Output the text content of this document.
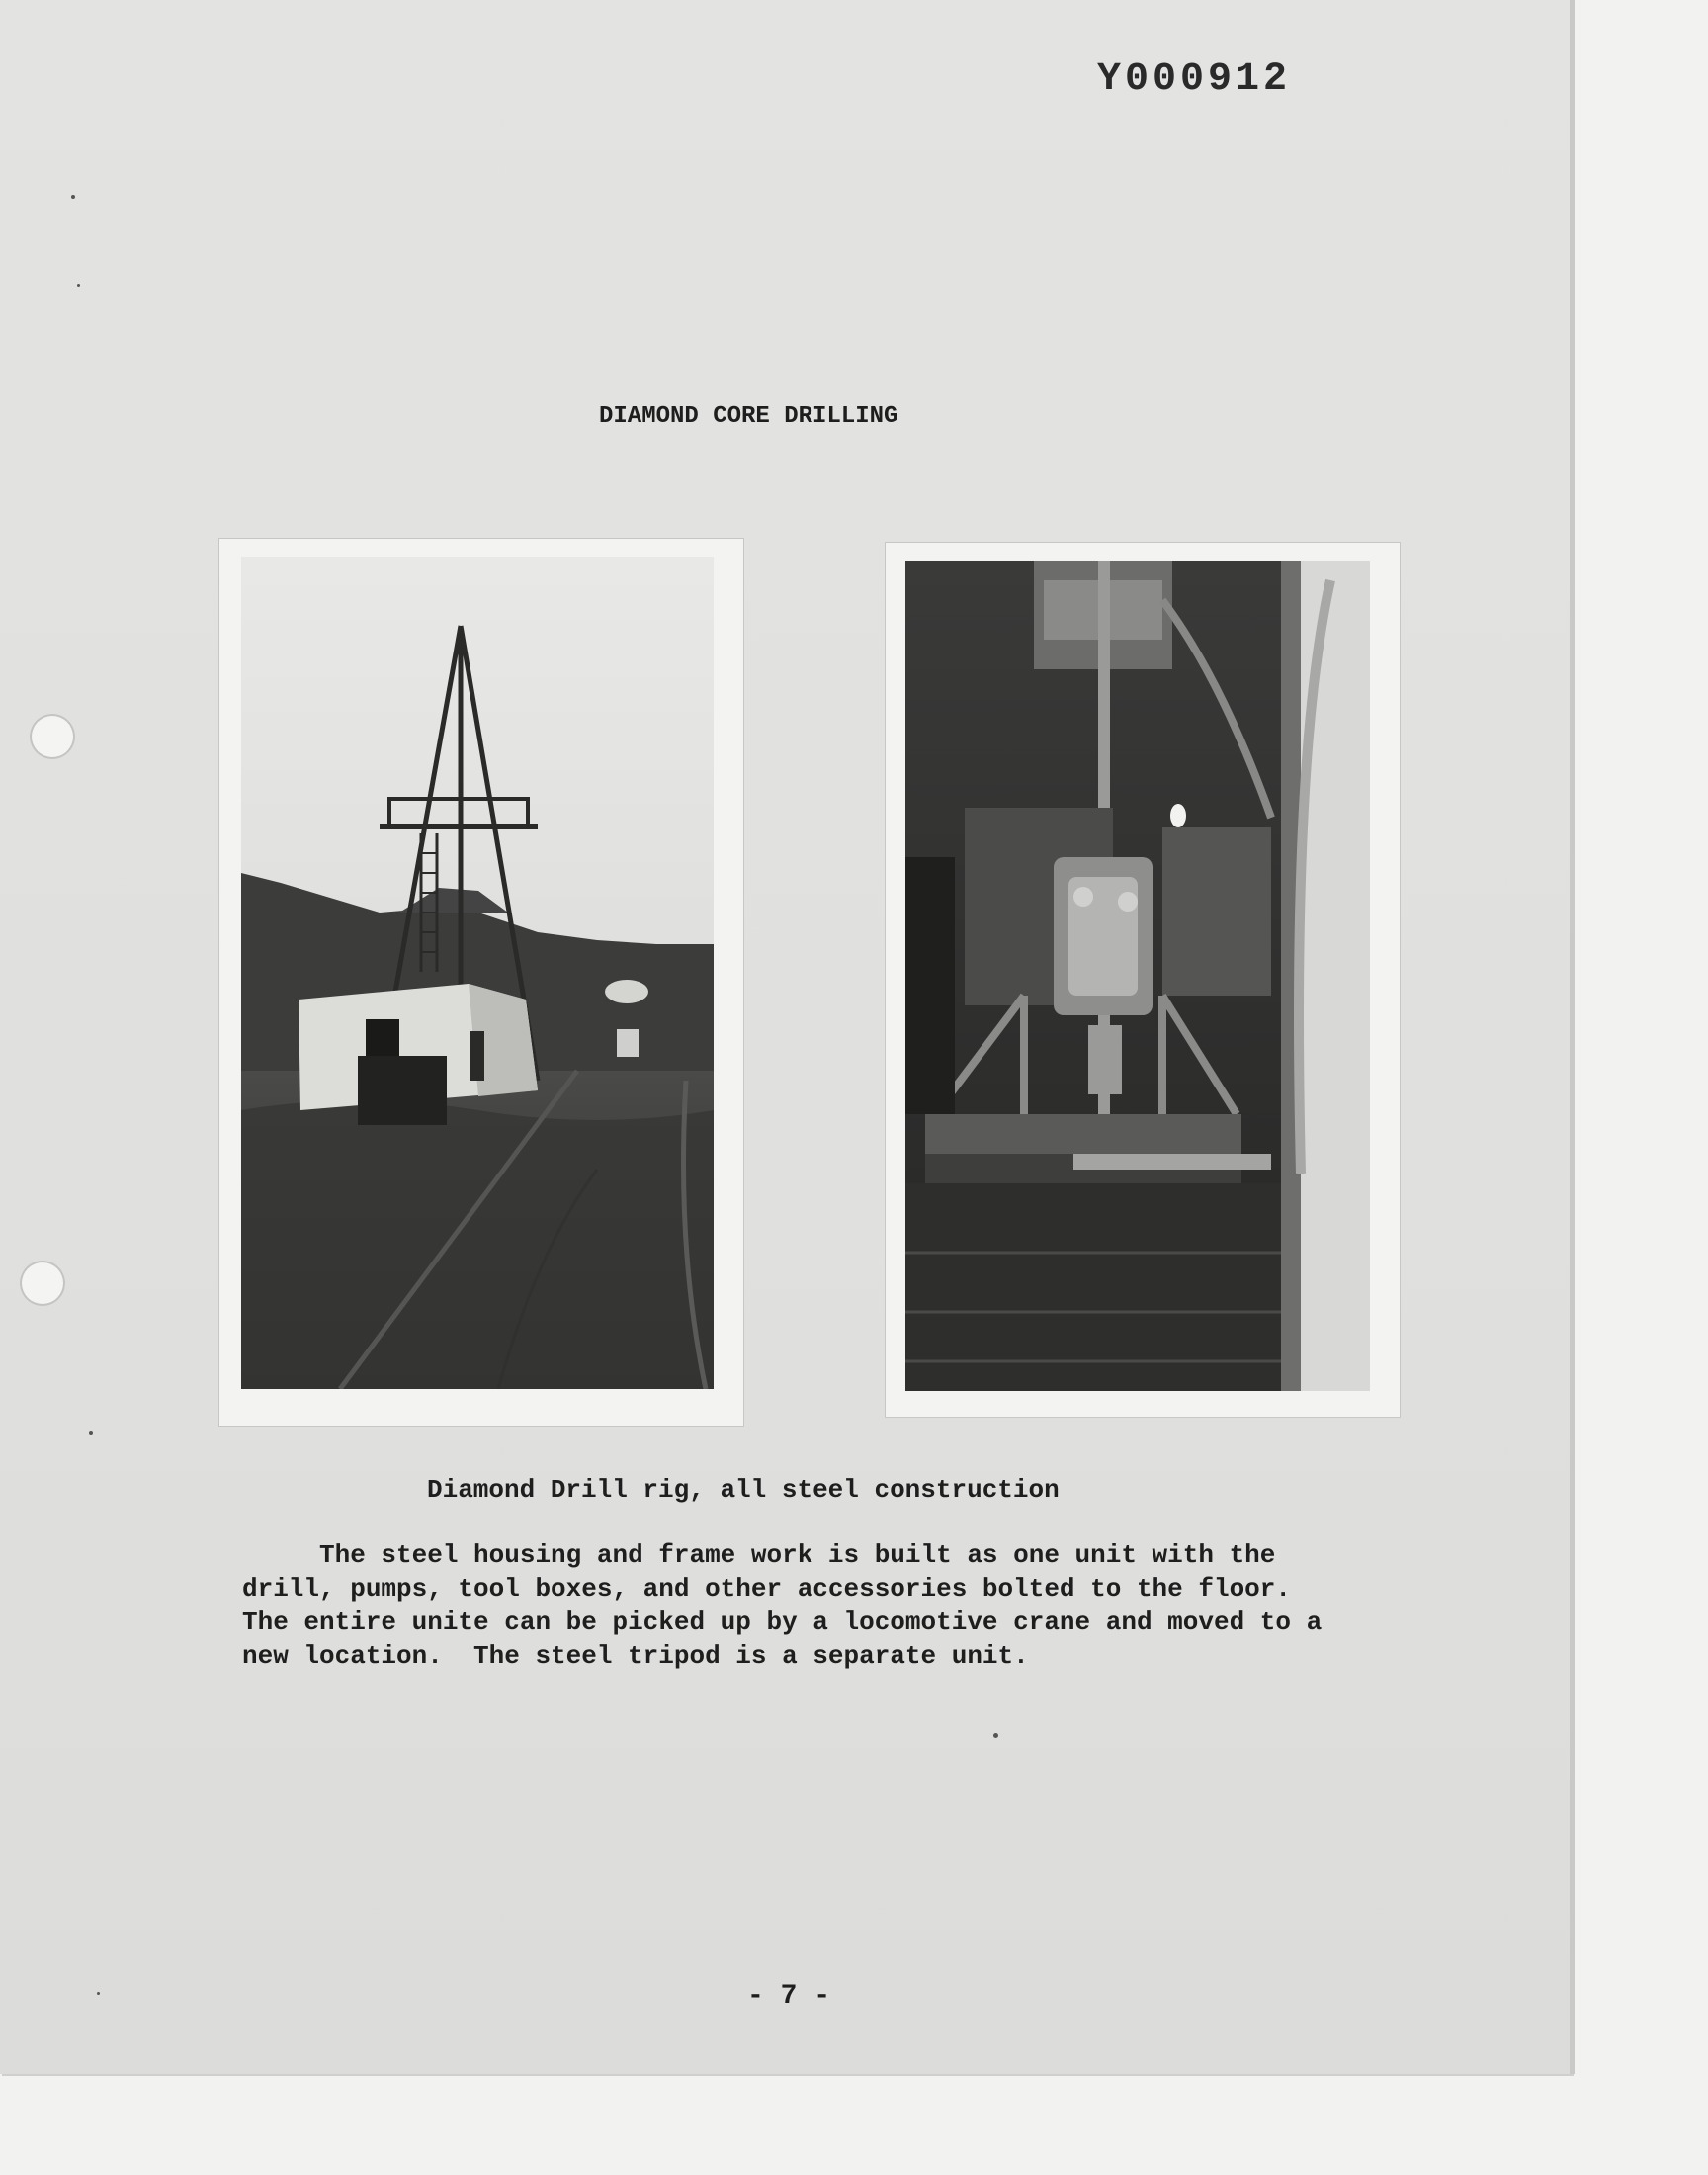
Y000912
DIAMOND CORE DRILLING
Diamond Drill rig, all steel construction
The steel housing and frame work is built as one unit with the
drill, pumps, tool boxes, and other accessories bolted to the floor.
The entire unite can be picked up by a locomotive crane and moved to a
new location.  The steel tripod is a separate unit.
- 7 -
